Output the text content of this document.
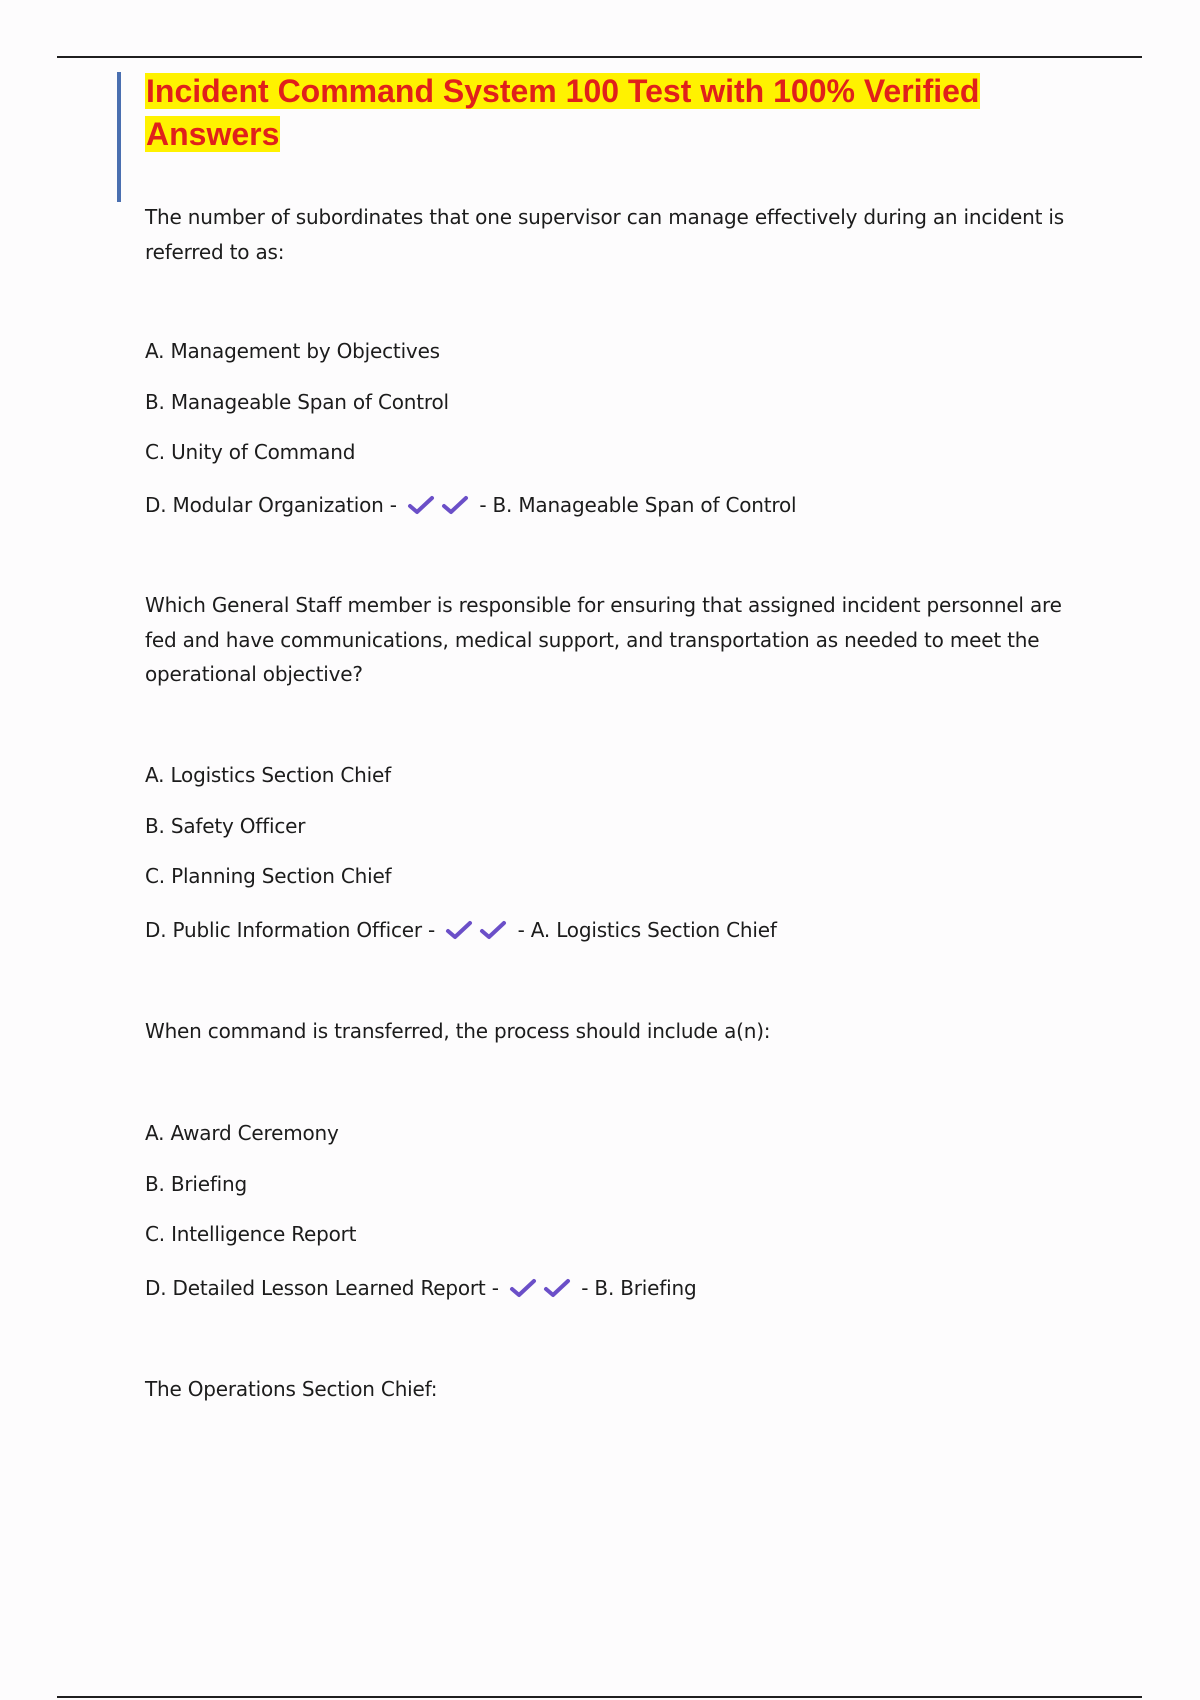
Incident Command System 100 Test with 100% Verified Answers

The number of subordinates that one supervisor can manage effectively during an incident is referred to as:

A. Management by Objectives
B. Manageable Span of Control
C. Unity of Command
D. Modular Organization -
	- B. Manageable Span of Control

Which General Staff member is responsible for ensuring that assigned incident personnel are fed and have communications, medical support, and transportation as needed to meet the operational objective?

A. Logistics Section Chief
B. Safety Officer
C. Planning Section Chief
D. Public Information Officer -
	- A. Logistics Section Chief

When command is transferred, the process should include a(n):

A. Award Ceremony
B. Briefing
C. Intelligence Report
D. Detailed Lesson Learned Report -
	- B. Briefing

The Operations Section Chief:
